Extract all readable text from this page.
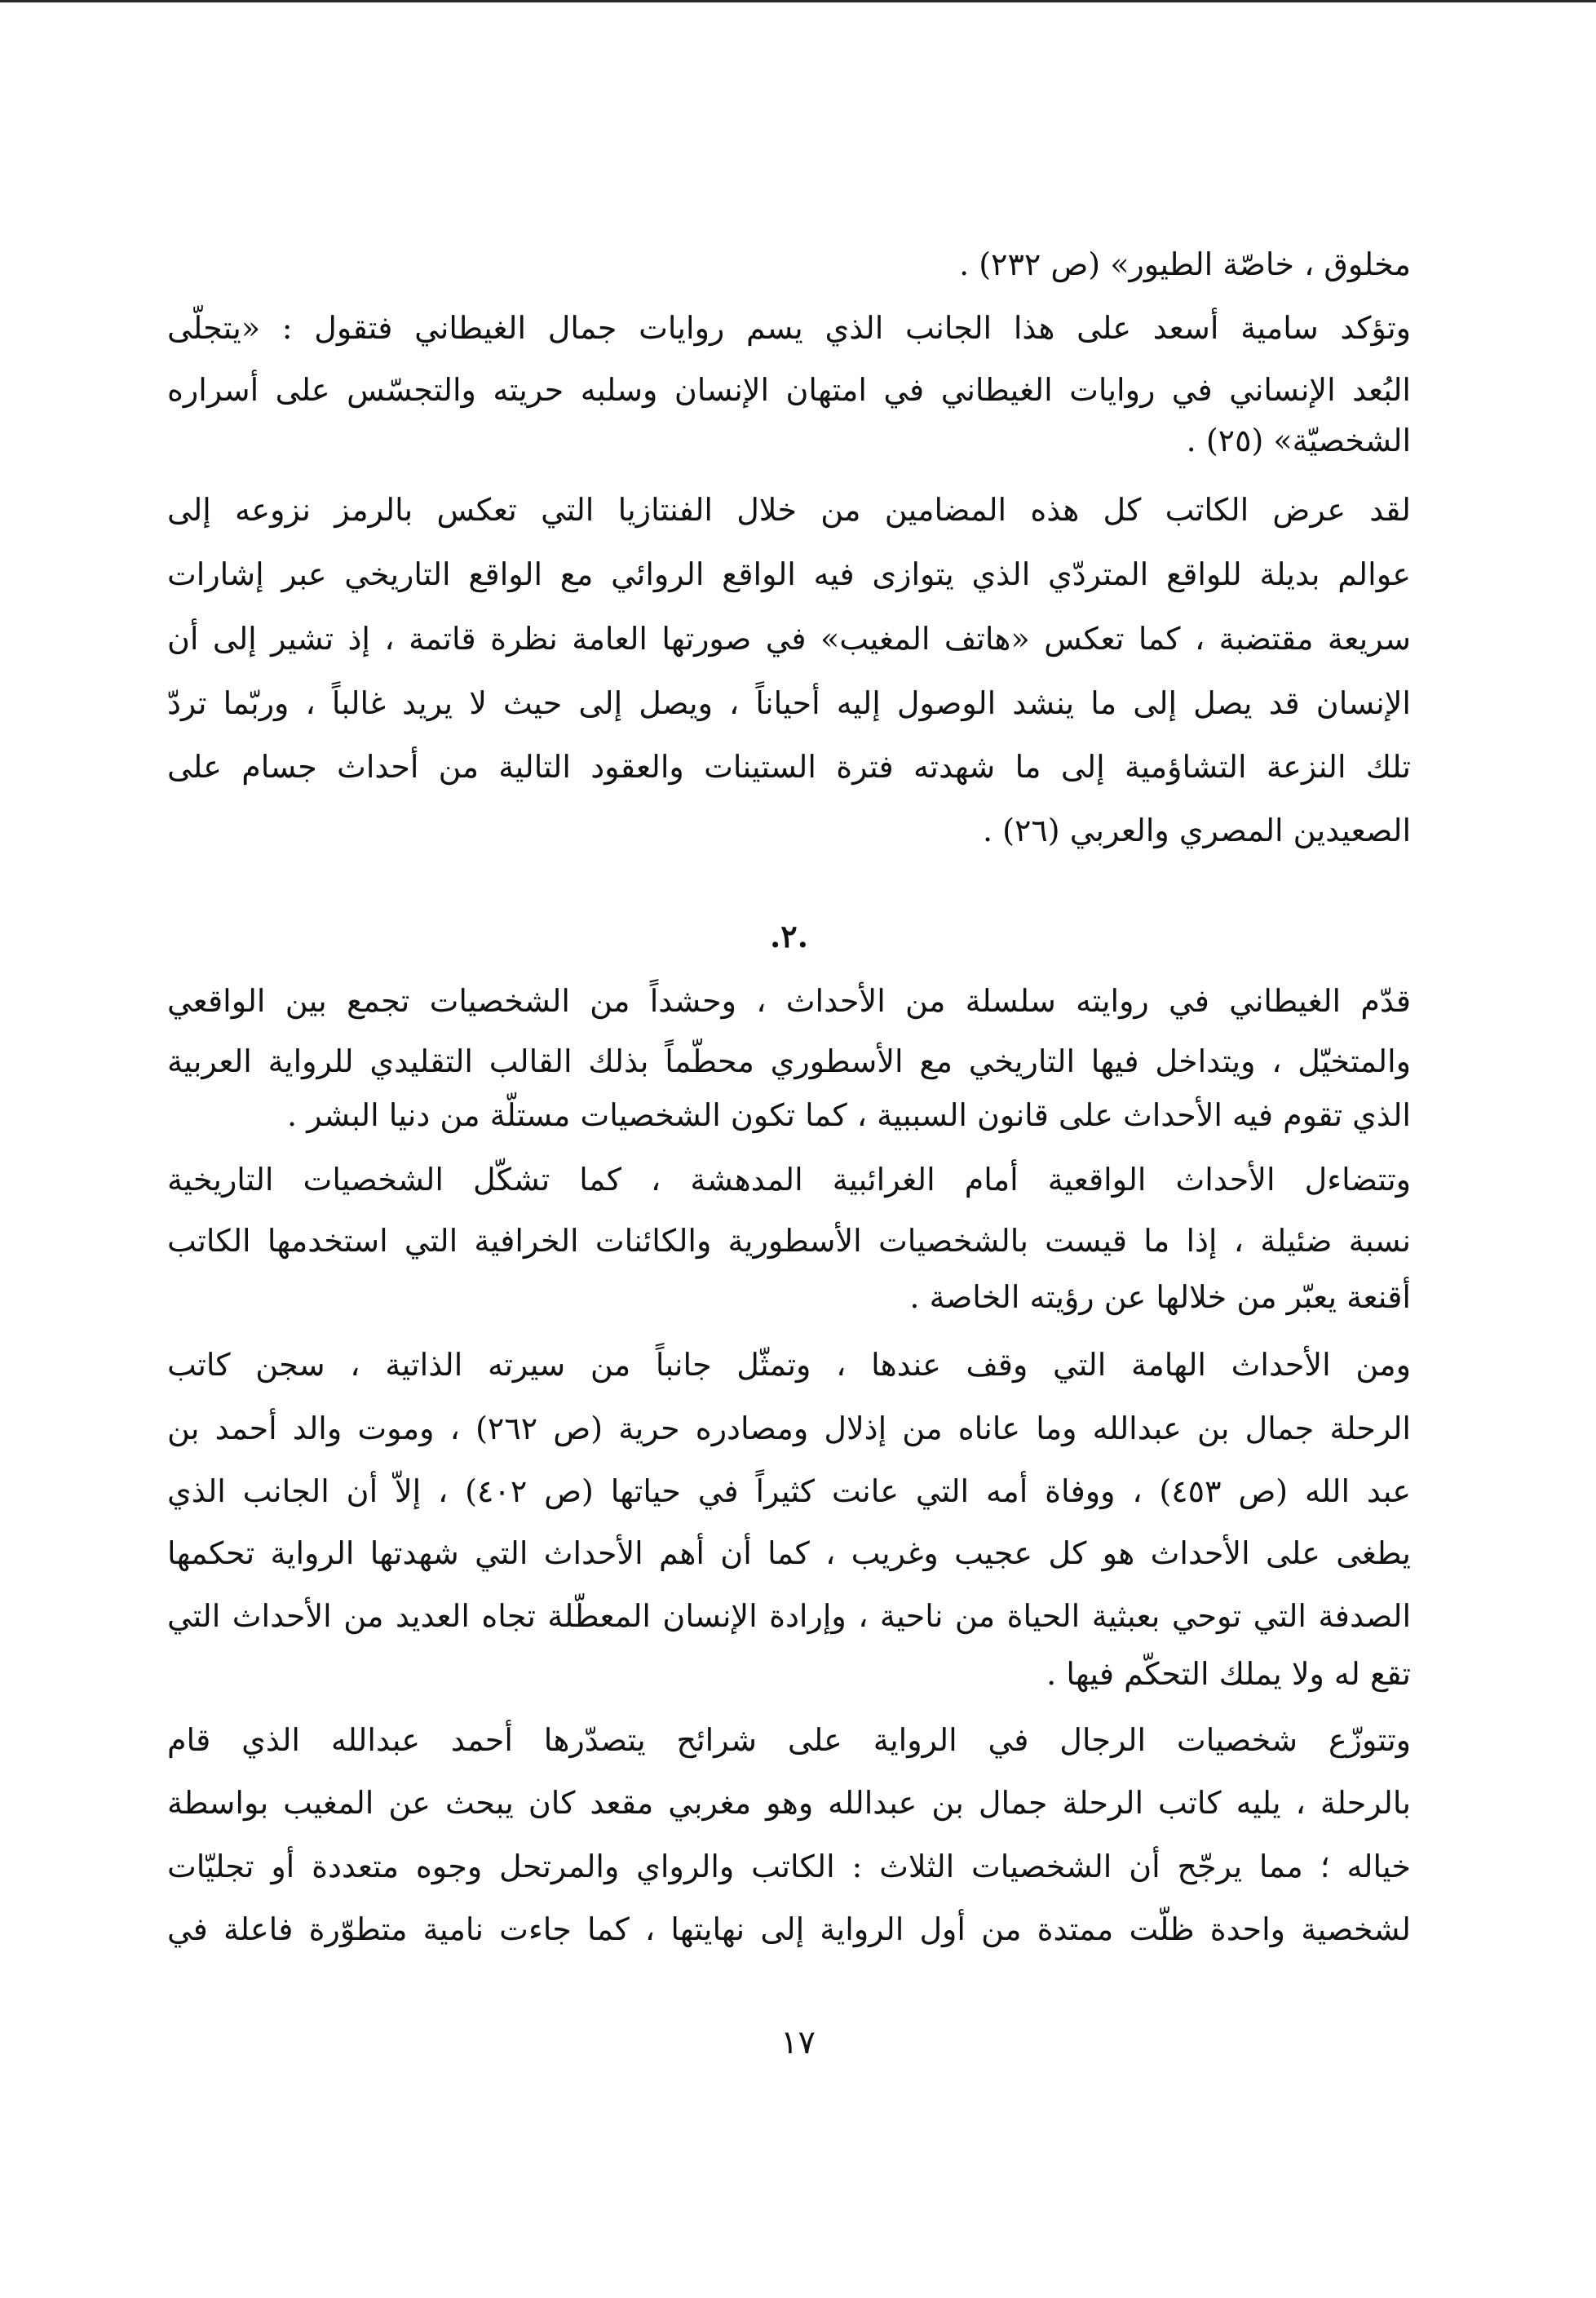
مخلوق ، خاصّة الطيور» (ص ٢٣٢) .
وتؤكد سامية أسعد على هذا الجانب الذي يسم روايات جمال الغيطاني فتقول : «يتجلّى
البُعد الإنساني في روايات الغيطاني في امتهان الإنسان وسلبه حريته والتجسّس على أسراره
الشخصيّة» (٢٥) .
لقد عرض الكاتب كل هذه المضامين من خلال الفنتازيا التي تعكس بالرمز نزوعه إلى
عوالم بديلة للواقع المتردّي الذي يتوازى فيه الواقع الروائي مع الواقع التاريخي عبر إشارات
سريعة مقتضبة ، كما تعكس «هاتف المغيب» في صورتها العامة نظرة قاتمة ، إذ تشير إلى أن
الإنسان قد يصل إلى ما ينشد الوصول إليه أحياناً ، ويصل إلى حيث لا يريد غالباً ، وربّما تردّ
تلك النزعة التشاؤمية إلى ما شهدته فترة الستينات والعقود التالية من أحداث جسام على
الصعيدين المصري والعربي (٢٦) .
.٢.
قدّم الغيطاني في روايته سلسلة من الأحداث ، وحشداً من الشخصيات تجمع بين الواقعي
والمتخيّل ، ويتداخل فيها التاريخي مع الأسطوري محطّماً بذلك القالب التقليدي للرواية العربية
الذي تقوم فيه الأحداث على قانون السببية ، كما تكون الشخصيات مستلّة من دنيا البشر .
وتتضاءل الأحداث الواقعية أمام الغرائبية المدهشة ، كما تشكّل الشخصيات التاريخية
نسبة ضئيلة ، إذا ما قيست بالشخصيات الأسطورية والكائنات الخرافية التي استخدمها الكاتب
أقنعة يعبّر من خلالها عن رؤيته الخاصة .
ومن الأحداث الهامة التي وقف عندها ، وتمثّل جانباً من سيرته الذاتية ، سجن كاتب
الرحلة جمال بن عبدالله وما عاناه من إذلال ومصادره حرية (ص ٢٦٢) ، وموت والد أحمد بن
عبد الله (ص ٤٥٣) ، ووفاة أمه التي عانت كثيراً في حياتها (ص ٤٠٢) ، إلاّ أن الجانب الذي
يطغى على الأحداث هو كل عجيب وغريب ، كما أن أهم الأحداث التي شهدتها الرواية تحكمها
الصدفة التي توحي بعبثية الحياة من ناحية ، وإرادة الإنسان المعطّلة تجاه العديد من الأحداث التي
تقع له ولا يملك التحكّم فيها .
وتتوزّع شخصيات الرجال في الرواية على شرائح يتصدّرها أحمد عبدالله الذي قام
بالرحلة ، يليه كاتب الرحلة جمال بن عبدالله وهو مغربي مقعد كان يبحث عن المغيب بواسطة
خياله ؛ مما يرجّح أن الشخصيات الثلاث : الكاتب والرواي والمرتحل وجوه متعددة أو تجليّات
لشخصية واحدة ظلّت ممتدة من أول الرواية إلى نهايتها ، كما جاءت نامية متطوّرة فاعلة في
١٧
